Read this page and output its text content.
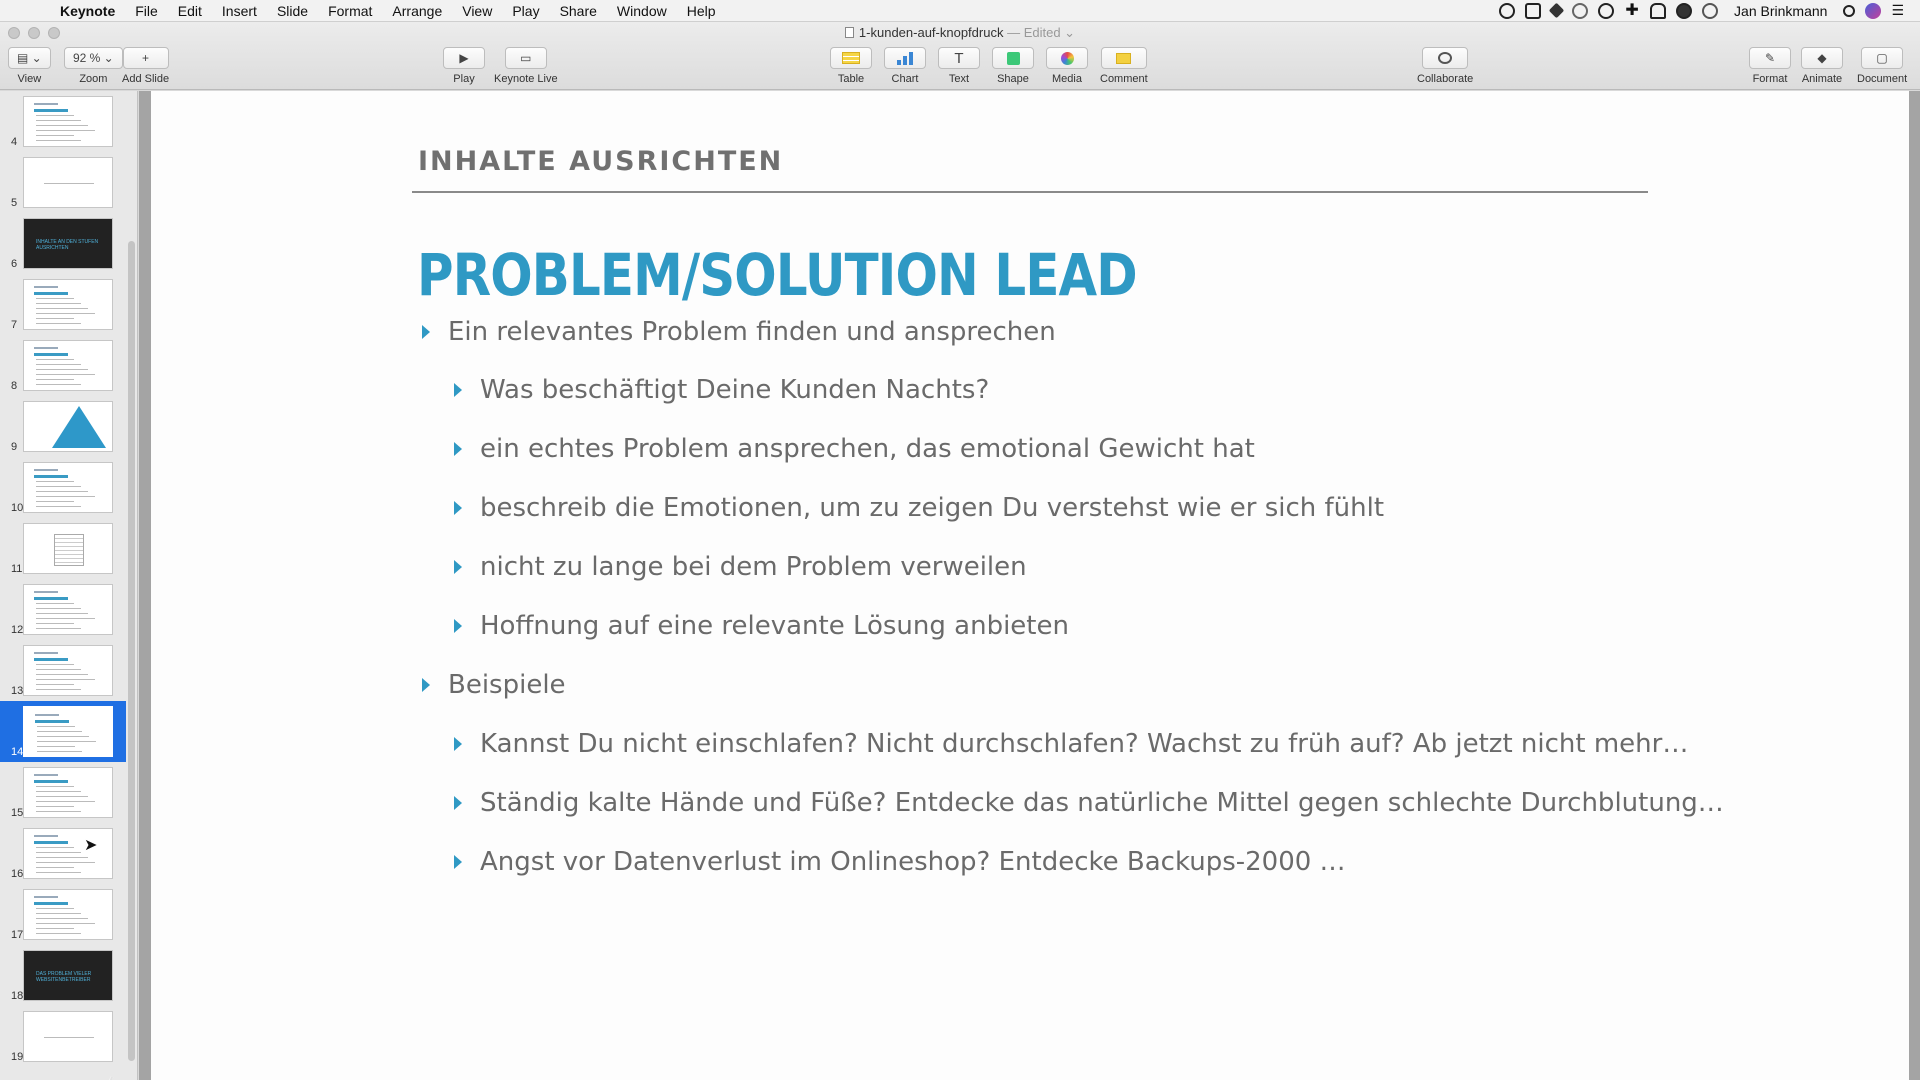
Keynote	File	Edit	Insert	Slide	Format	Arrange	View	Play	Share	Window	Help	✚	Jan Brinkmann	☰
1-kunden-auf-knopfdruck — Edited ⌄
▤ ⌄
View
92 % ⌄
Zoom
+
Add Slide
▶
Play
▭
Keynote Live	Table Chart
T
Text	Shape Media Comment	Collaborate
✎
Format
◆
Animate
▢
Document
4
5
6
INHALTE AN DEN STUFEN AUSRICHTEN
7
8
9
10
11
12
13
14
15
16
17
18
DAS PROBLEM VIELER WEBSITENBETREIBER
19
➤
INHALTE AUSRICHTEN
PROBLEM/SOLUTION LEAD
Ein relevantes Problem finden und ansprechen
Was beschäftigt Deine Kunden Nachts?
ein echtes Problem ansprechen, das emotional Gewicht hat
beschreib die Emotionen, um zu zeigen Du verstehst wie er sich fühlt
nicht zu lange bei dem Problem verweilen
Hoffnung auf eine relevante Lösung anbieten
Beispiele
Kannst Du nicht einschlafen? Nicht durchschlafen? Wachst zu früh auf? Ab jetzt nicht mehr…
Ständig kalte Hände und Füße? Entdecke das natürliche Mittel gegen schlechte Durchblutung…
Angst vor Datenverlust im Onlineshop? Entdecke Backups-2000 …
